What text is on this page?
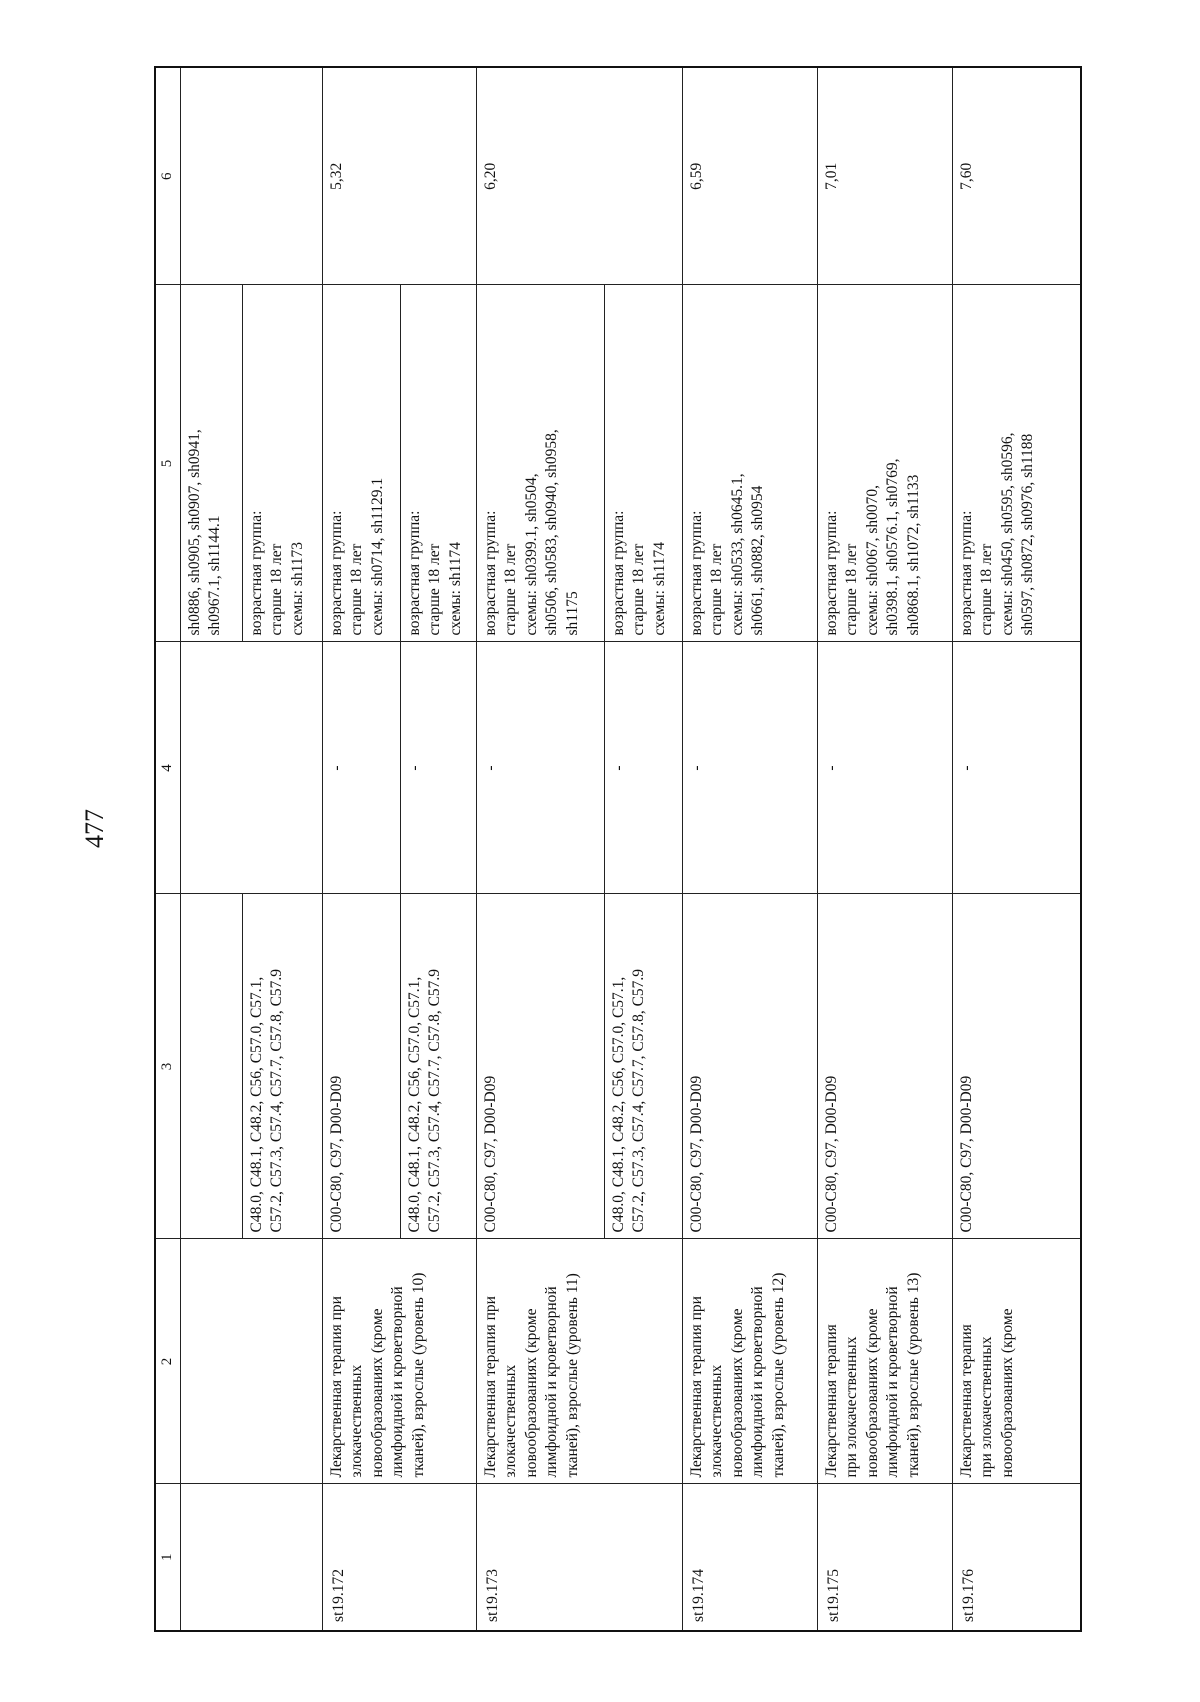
477
1	2	3	4	5	6

				sh0886, sh0905, sh0907, sh0941, sh0967.1, sh1144.1	

		C48.0, C48.1, C48.2, C56, C57.0, C57.1, C57.2, C57.3, C57.4, C57.7, C57.8, C57.9		возрастная группа: старше 18 лет схемы: sh1173	

st19.172	Лекарственная терапия при злокачественных новообразованиях (кроме лимфоидной и кроветворной тканей), взрослые (уровень 10)	C00-C80, C97, D00-D09	-	возрастная группа: старше 18 лет схемы: sh0714, sh1129.1	5,32

		C48.0, C48.1, C48.2, C56, C57.0, C57.1, C57.2, C57.3, C57.4, C57.7, C57.8, C57.9	-	возрастная группа: старше 18 лет схемы: sh1174	

st19.173	Лекарственная терапия при злокачественных новообразованиях (кроме лимфоидной и кроветворной тканей), взрослые (уровень 11)	C00-C80, C97, D00-D09	-	возрастная группа: старше 18 лет схемы: sh0399.1, sh0504, sh0506, sh0583, sh0940, sh0958, sh1175	6,20

		C48.0, C48.1, C48.2, C56, C57.0, C57.1, C57.2, C57.3, C57.4, C57.7, C57.8, C57.9	-	возрастная группа: старше 18 лет схемы: sh1174	

st19.174	Лекарственная терапия при злокачественных новообразованиях (кроме лимфоидной и кроветворной тканей), взрослые (уровень 12)	C00-C80, C97, D00-D09	-	возрастная группа: старше 18 лет схемы: sh0533, sh0645.1, sh0661, sh0882, sh0954	6,59
st19.175	Лекарственная терапия при злокачественных новообразованиях (кроме лимфоидной и кроветворной тканей), взрослые (уровень 13)	C00-C80, C97, D00-D09	-	возрастная группа: старше 18 лет схемы: sh0067, sh0070, sh0398.1, sh0576.1, sh0769, sh0868.1, sh1072, sh1133	7,01
st19.176	Лекарственная терапия при злокачественных новообразованиях (кроме	C00-C80, C97, D00-D09	-	возрастная группа: старше 18 лет схемы: sh0450, sh0595, sh0596, sh0597, sh0872, sh0976, sh1188	7,60
